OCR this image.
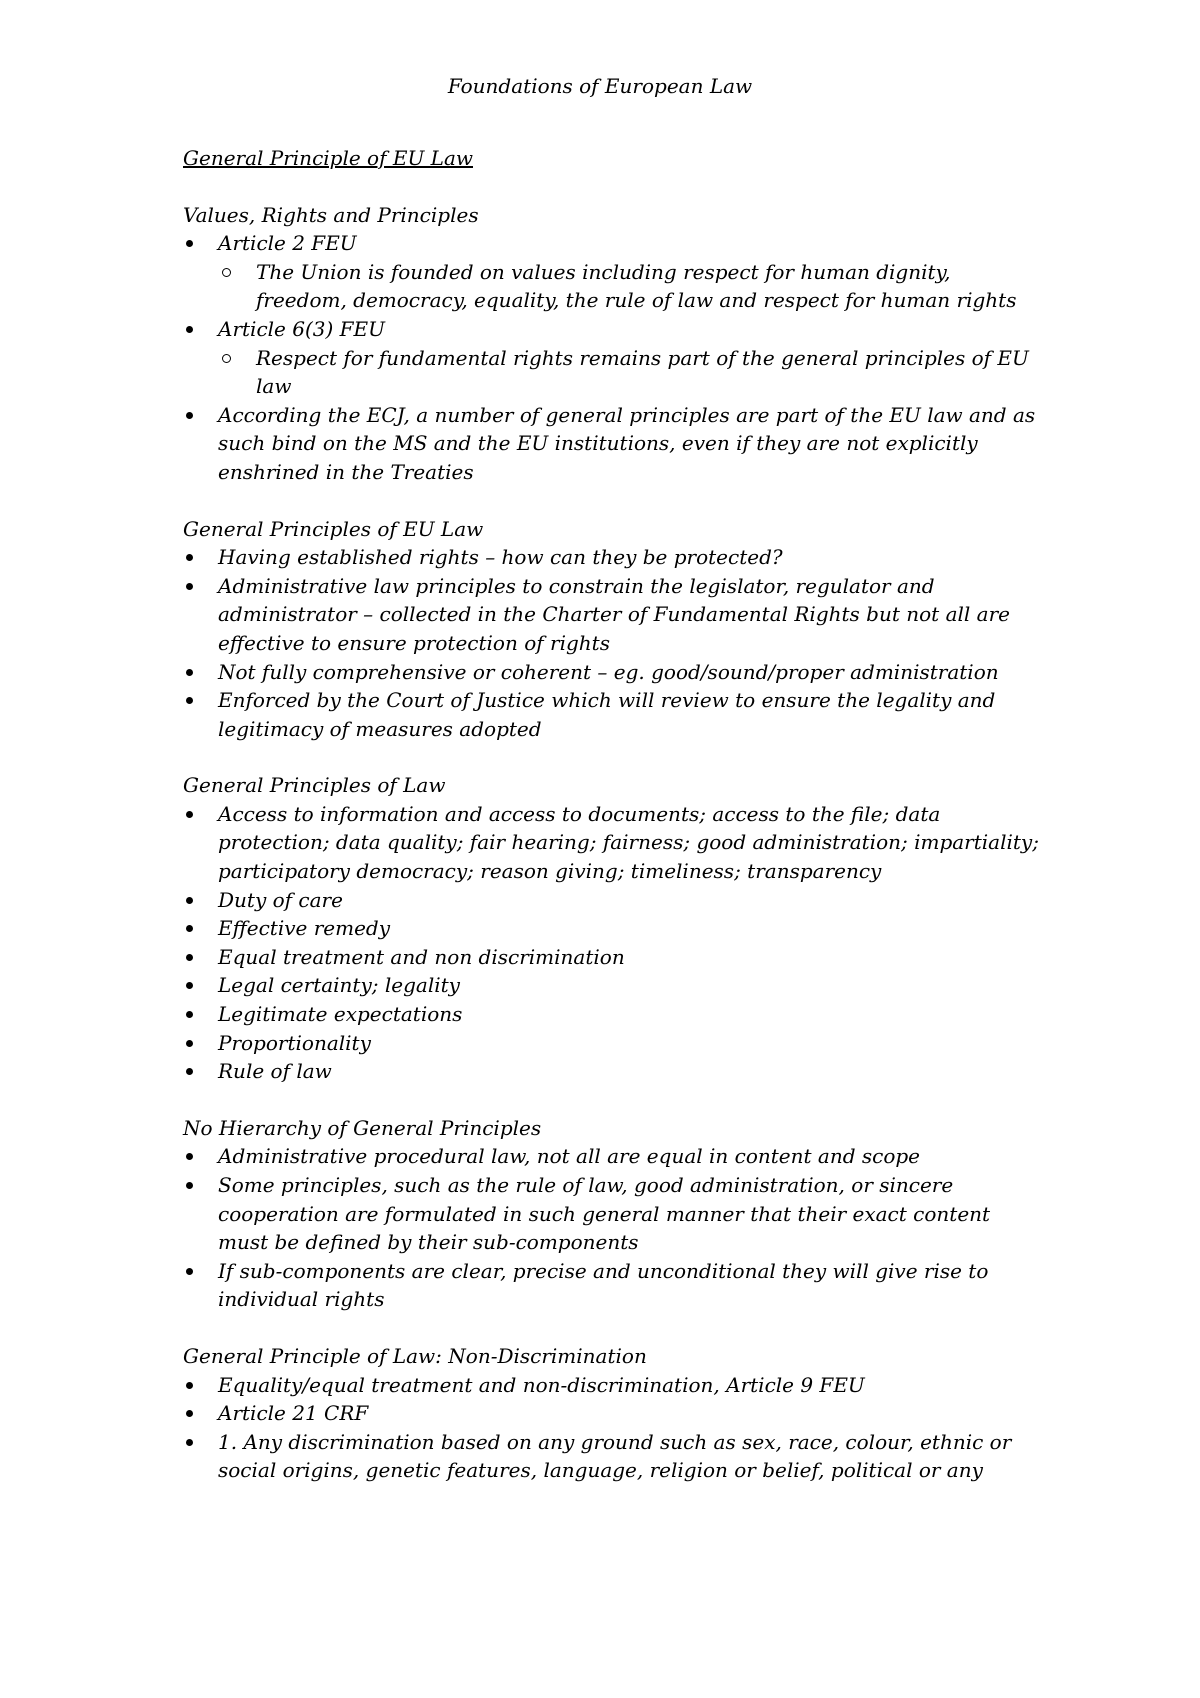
Foundations of European Law
General Principle of EU Law
Values, Rights and Principles
Article 2 FEU
The Union is founded on values including respect for human dignity, freedom, democracy, equality, the rule of law and respect for human rights
Article 6(3) FEU
Respect for fundamental rights remains part of the general principles of EU law
According the ECJ, a number of general principles are part of the EU law and as such bind on the MS and the EU institutions, even if they are not explicitly enshrined in the Treaties
General Principles of EU Law
Having established rights – how can they be protected?
Administrative law principles to constrain the legislator, regulator and administrator – collected in the Charter of Fundamental Rights but not all are effective to ensure protection of rights
Not fully comprehensive or coherent – eg. good/sound/proper administration
Enforced by the Court of Justice which will review to ensure the legality and legitimacy of measures adopted
General Principles of Law
Access to information and access to documents; access to the file; data protection; data quality; fair hearing; fairness; good administration; impartiality; participatory democracy; reason giving; timeliness; transparency
Duty of care
Effective remedy
Equal treatment and non discrimination
Legal certainty; legality
Legitimate expectations
Proportionality
Rule of law
No Hierarchy of General Principles
Administrative procedural law, not all are equal in content and scope
Some principles, such as the rule of law, good administration, or sincere cooperation are formulated in such general manner that their exact content must be defined by their sub-components
If sub-components are clear, precise and unconditional they will give rise to individual rights
General Principle of Law: Non-Discrimination
Equality/equal treatment and non-discrimination, Article 9 FEU
Article 21 CRF
1. Any discrimination based on any ground such as sex, race, colour, ethnic or social origins, genetic features, language, religion or belief, political or any
